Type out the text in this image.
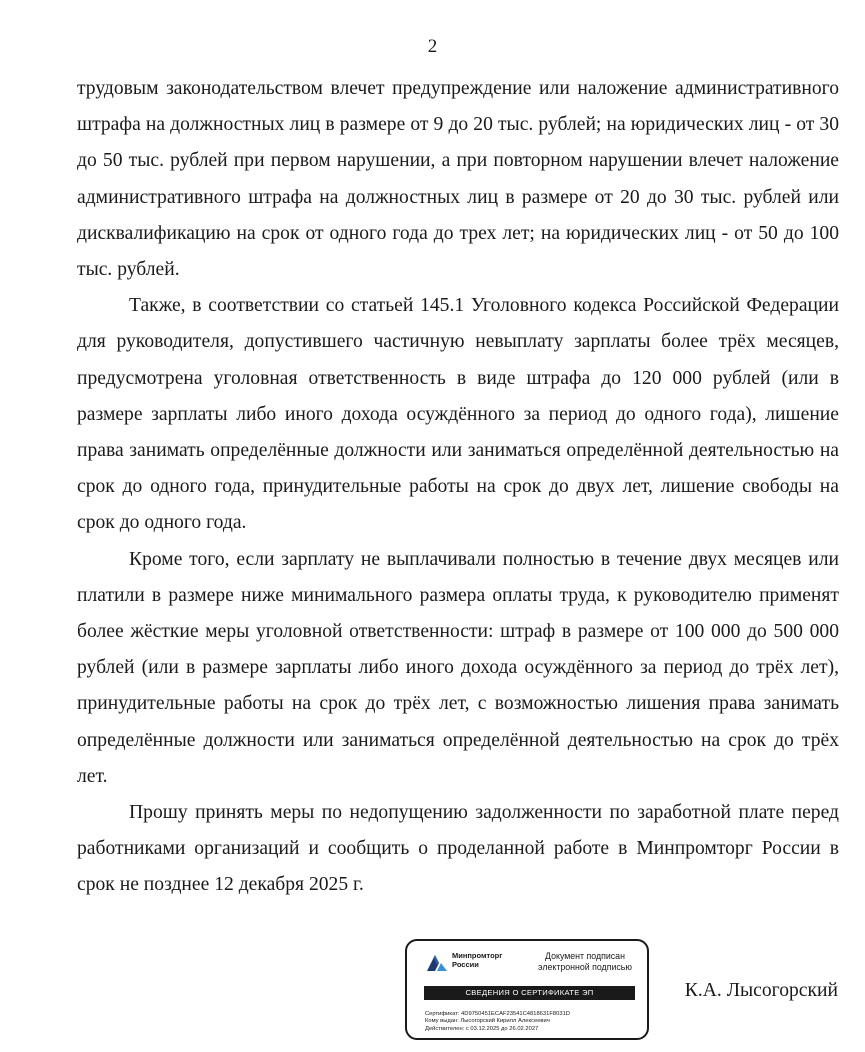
2

трудовым законодательством влечет предупреждение или наложение административного штрафа на должностных лиц в размере от 9 до 20 тыс. рублей; на юридических лиц - от 30 до 50 тыс. рублей при первом нарушении, а при повторном нарушении влечет наложение административного штрафа на должностных лиц в размере от 20 до 30 тыс. рублей или дисквалификацию на срок от одного года до трех лет; на юридических лиц - от 50 до 100 тыс. рублей.

Также, в соответствии со статьей 145.1 Уголовного кодекса Российской Федерации для руководителя, допустившего частичную невыплату зарплаты более трёх месяцев, предусмотрена уголовная ответственность в виде штрафа до 120 000 рублей (или в размере зарплаты либо иного дохода осуждённого за период до одного года), лишение права занимать определённые должности или заниматься определённой деятельностью на срок до одного года, принудительные работы на срок до двух лет, лишение свободы на срок до одного года.

Кроме того, если зарплату не выплачивали полностью в течение двух месяцев или платили в размере ниже минимального размера оплаты труда, к руководителю применят более жёсткие меры уголовной ответственности: штраф в размере от 100 000 до 500 000 рублей (или в размере зарплаты либо иного дохода осуждённого за период до трёх лет), принудительные работы на срок до трёх лет, с возможностью лишения права занимать определённые должности или заниматься определённой деятельностью на срок до трёх лет.

Прошу принять меры по недопущению задолженности по заработной плате перед работниками организаций и сообщить о проделанной работе в Минпромторг России в срок не позднее 12 декабря 2025 г.

Минпромторг
России
Документ подписан
электронной подписью
СВЕДЕНИЯ О СЕРТИФИКАТЕ ЭП
Сертификат: 4D9750451ECAF23541C4818631F8031D
Кому выдан: Лысогорский Кирилл Алексеевич
Действителен: с 03.12.2025 до 26.02.2027
К.А. Лысогорский
